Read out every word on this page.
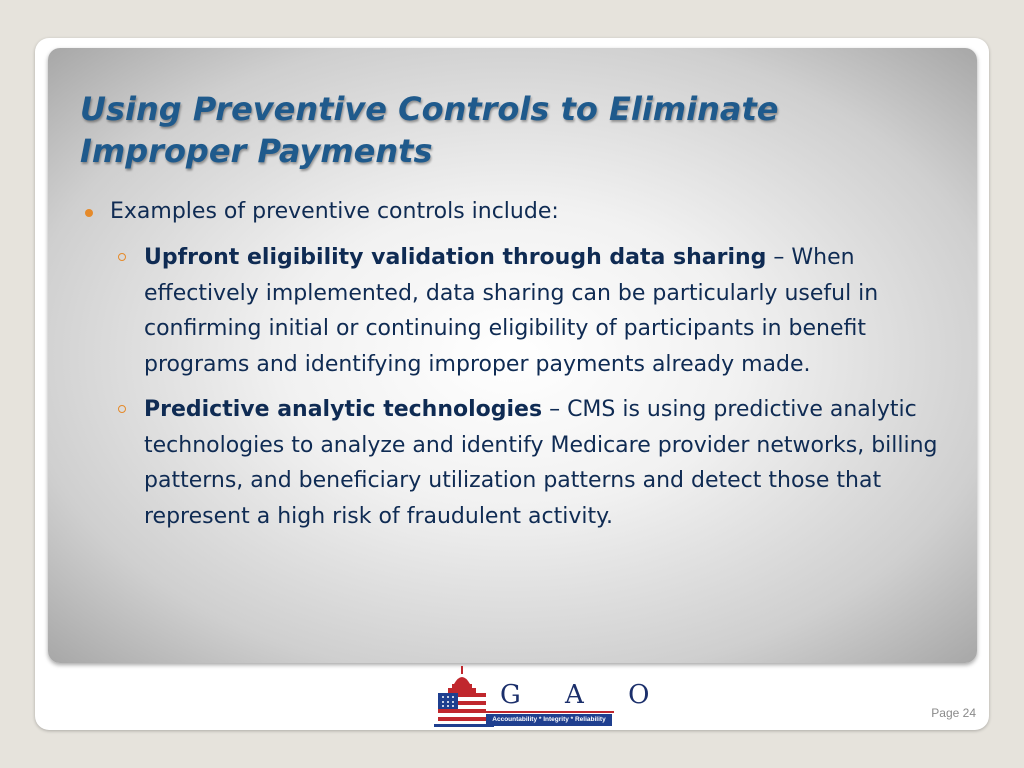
Using Preventive Controls to Eliminate
Improper Payments
Examples of preventive controls include:
Upfront eligibility validation through data sharing – When effectively implemented, data sharing can be particularly useful in confirming initial or continuing eligibility of participants in benefit programs and identifying improper payments already made.
Predictive analytic technologies – CMS is using predictive analytic technologies to analyze and identify Medicare provider networks, billing patterns, and beneficiary utilization patterns and detect those that represent a high risk of fraudulent activity.
G A O
Accountability * Integrity * Reliability	Page 24
